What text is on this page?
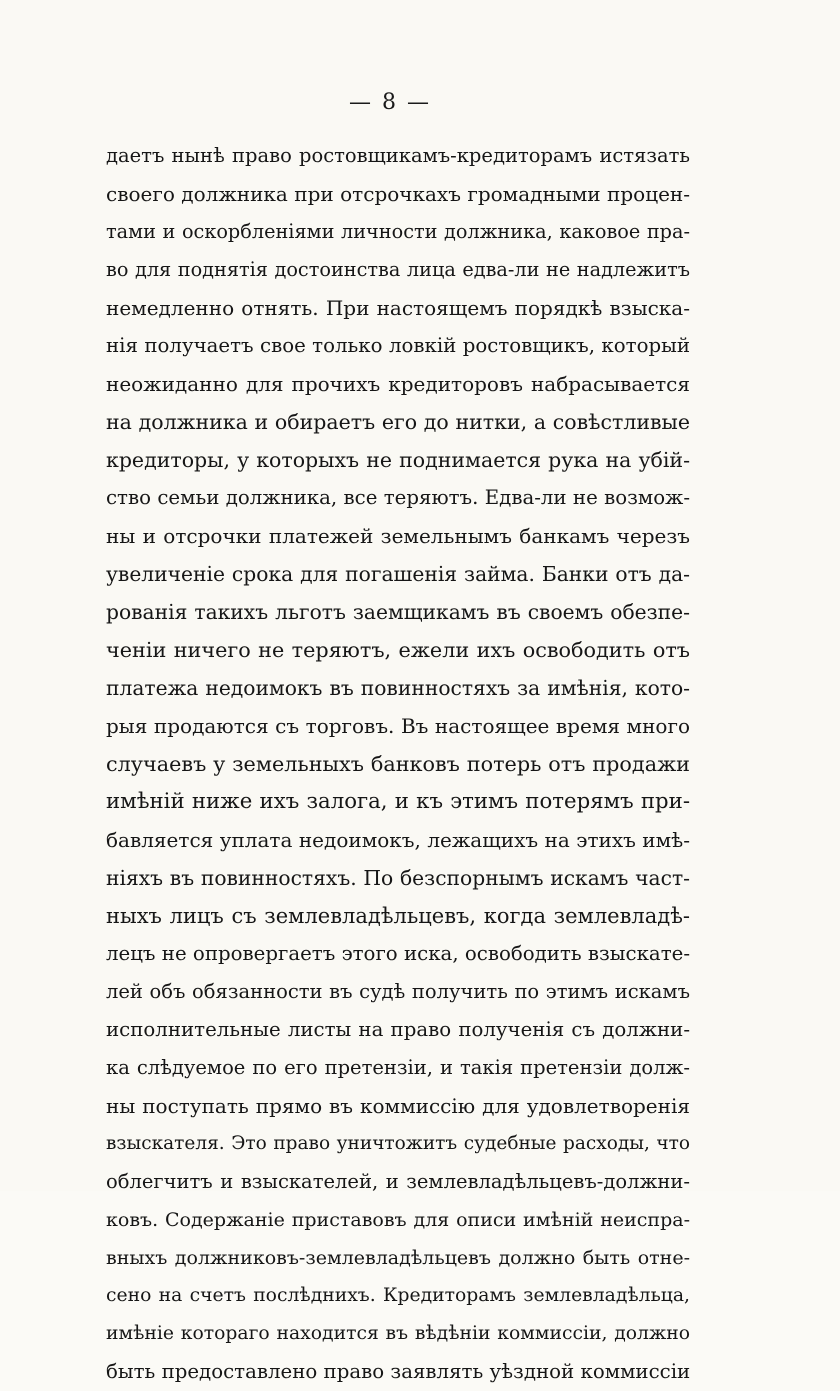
— 8 —
даетъ нынѣ право ростовщикамъ-кредиторамъ истязать
своего должника при отсрочкахъ громадными процен-
тами и оскорбленіями личности должника, каковое пра-
во для поднятія достоинства лица едва-ли не надлежитъ
немедленно отнять. При настоящемъ порядкѣ взыска-
нія получаетъ свое только ловкій ростовщикъ, который
неожиданно для прочихъ кредиторовъ набрасывается
на должника и обираетъ его до нитки, а совѣстливые
кредиторы, у которыхъ не поднимается рука на убій-
ство семьи должника, все теряютъ. Едва-ли не возмож-
ны и отсрочки платежей земельнымъ банкамъ черезъ
увеличеніе срока для погашенія займа. Банки отъ да-
рованія такихъ льготъ заемщикамъ въ своемъ обезпе-
ченіи ничего не теряютъ, ежели ихъ освободить отъ
платежа недоимокъ въ повинностяхъ за имѣнія, кото-
рыя продаются съ торговъ. Въ настоящее время много
случаевъ у земельныхъ банковъ потерь отъ продажи
имѣній ниже ихъ залога, и къ этимъ потерямъ при-
бавляется уплата недоимокъ, лежащихъ на этихъ имѣ-
ніяхъ въ повинностяхъ. По безспорнымъ искамъ част-
ныхъ лицъ съ землевладѣльцевъ, когда землевладѣ-
лецъ не опровергаетъ этого иска, освободить взыскате-
лей объ обязанности въ судѣ получить по этимъ искамъ
исполнительные листы на право полученія съ должни-
ка слѣдуемое по его претензіи, и такія претензіи долж-
ны поступать прямо въ коммиссію для удовлетворенія
взыскателя. Это право уничтожитъ судебные расходы, что
облегчитъ и взыскателей, и землевладѣльцевъ-должни-
ковъ. Содержаніе приставовъ для описи имѣній неиспра-
вныхъ должниковъ-землевладѣльцевъ должно быть отне-
сено на счетъ послѣднихъ. Кредиторамъ землевладѣльца,
имѣніе котораго находится въ вѣдѣніи коммиссіи, должно
быть предоставлено право заявлять уѣздной коммиссіи
